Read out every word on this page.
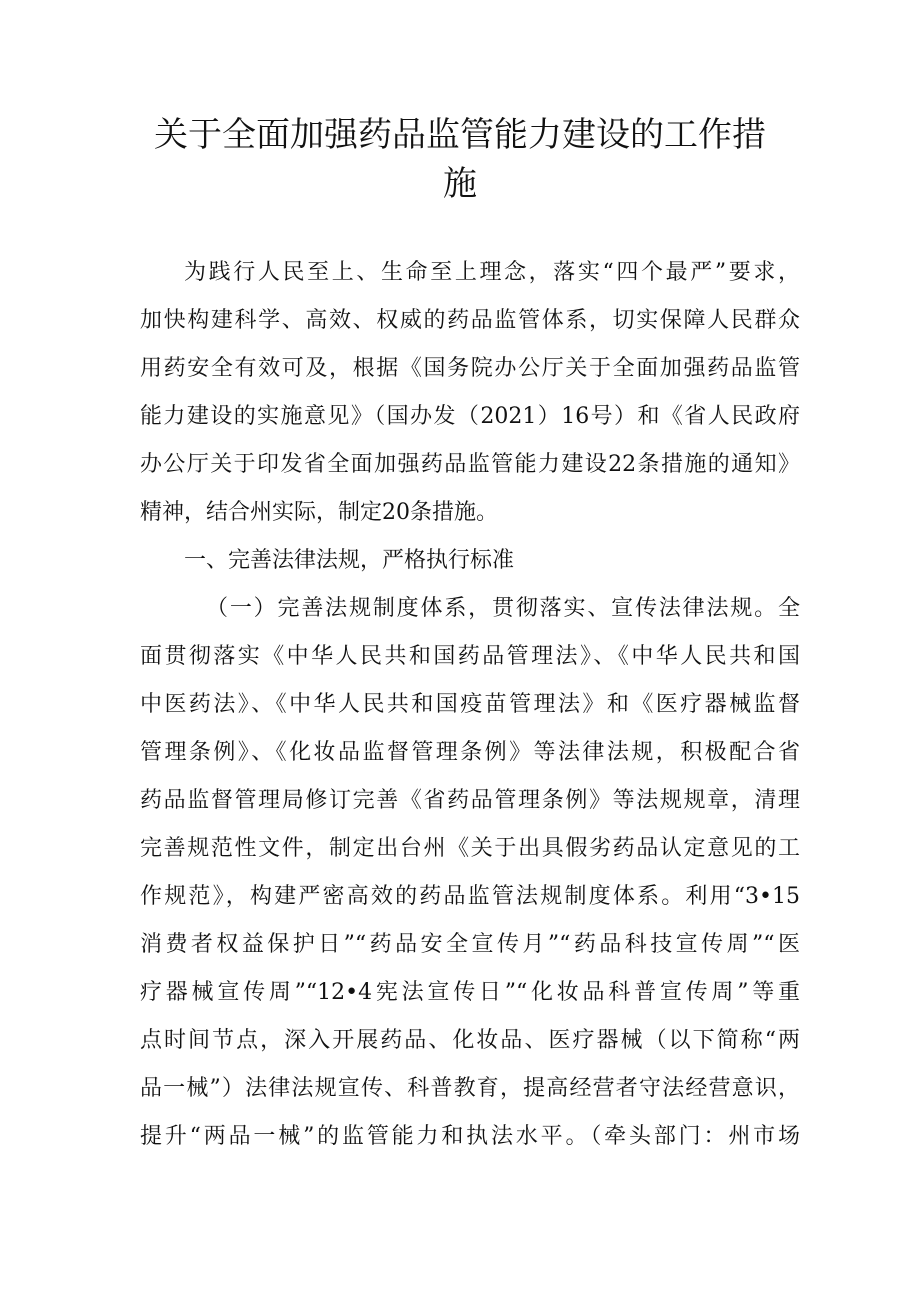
关于全面加强药品监管能力建设的工作措
施
为践行人民至上、生命至上理念，落实“四个最严”要求，
加快构建科学、高效、权威的药品监管体系，切实保障人民群众
用药安全有效可及，根据《国务院办公厅关于全面加强药品监管
能力建设的实施意见》（国办发（2021）16号）和《省人民政府
办公厅关于印发省全面加强药品监管能力建设22条措施的通知》
精神，结合州实际，制定20条措施。
一、完善法律法规，严格执行标准
（一）完善法规制度体系，贯彻落实、宣传法律法规。全
面贯彻落实《中华人民共和国药品管理法》、《中华人民共和国
中医药法》、《中华人民共和国疫苗管理法》和《医疗器械监督
管理条例》、《化妆品监督管理条例》等法律法规，积极配合省
药品监督管理局修订完善《省药品管理条例》等法规规章，清理
完善规范性文件，制定出台州《关于出具假劣药品认定意见的工
作规范》，构建严密高效的药品监管法规制度体系。利用“3•15
消费者权益保护日”“药品安全宣传月”“药品科技宣传周”“医
疗器械宣传周”“12•4宪法宣传日”“化妆品科普宣传周”等重
点时间节点，深入开展药品、化妆品、医疗器械（以下简称“两
品一械”）法律法规宣传、科普教育，提高经营者守法经营意识，
提升“两品一械”的监管能力和执法水平。（牵头部门：州市场
